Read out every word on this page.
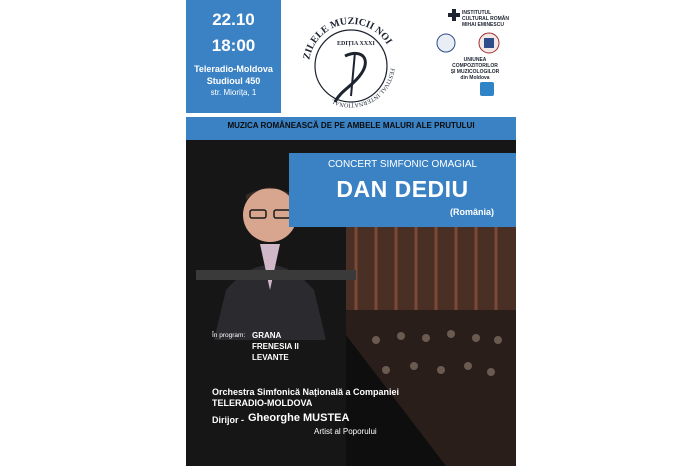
22.10
18:00
Teleradio-Moldova
Studioul 450
str. Miorița, 1
ZILELE MUZICII NOI
FESTIVAL INTERNAȚIONAL
EDIȚIA XXXI
INSTITUTUL
CULTURAL ROMÂN
MIHAI EMINESCU
UNIUNEA COMPOZITORILOR
ȘI MUZICOLOGILOR
din Moldova
MUZICA ROMÂNEASCĂ DE PE AMBELE MALURI ALE PRUTULUI
CONCERT SIMFONIC OMAGIAL
DAN DEDIU
(România)
În program: GRANA
FRENESIA II
LEVANTE
Orchestra Simfonică Națională a Companiei
TELERADIO-MOLDOVA
Dirijor - Gheorghe MUSTEA
Artist al Poporului
